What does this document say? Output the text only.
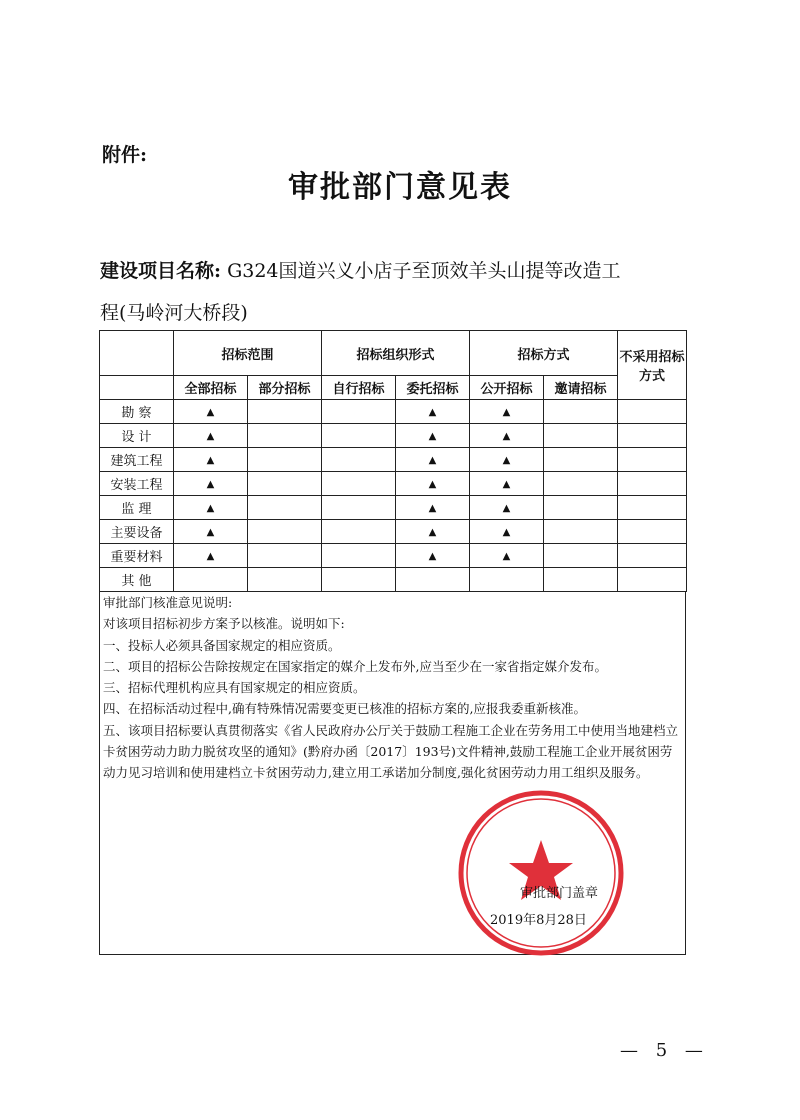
附件:
审批部门意见表
建设项目名称: G324国道兴义小店子至顶效羊头山提等改造工
程(马岭河大桥段)
	招标范围		招标组织形式		招标方式		不采用招标方式
	全部招标	部分招标	自行招标	委托招标	公开招标	邀请招标	
勘 察	▲			▲	▲		
设 计	▲			▲	▲		
建筑工程	▲			▲	▲		
安装工程	▲			▲	▲		
监 理	▲			▲	▲		
主要设备	▲			▲	▲		
重要材料	▲			▲	▲		
其 他							
审批部门核准意见说明:
对该项目招标初步方案予以核准。说明如下:
一、投标人必须具备国家规定的相应资质。
二、项目的招标公告除按规定在国家指定的媒介上发布外,应当至少在一家省指定媒介发布。
三、招标代理机构应具有国家规定的相应资质。
四、在招标活动过程中,确有特殊情况需要变更已核准的招标方案的,应报我委重新核准。
五、该项目招标要认真贯彻落实《省人民政府办公厅关于鼓励工程施工企业在劳务用工中使用当地建档立卡贫困劳动力助力脱贫攻坚的通知》(黔府办函〔2017〕193号)文件精神,鼓励工程施工企业开展贫困劳动力见习培训和使用建档立卡贫困劳动力,建立用工承诺加分制度,强化贫困劳动力用工组织及服务。
审批部门盖章
2019年8月28日
— 5 —
